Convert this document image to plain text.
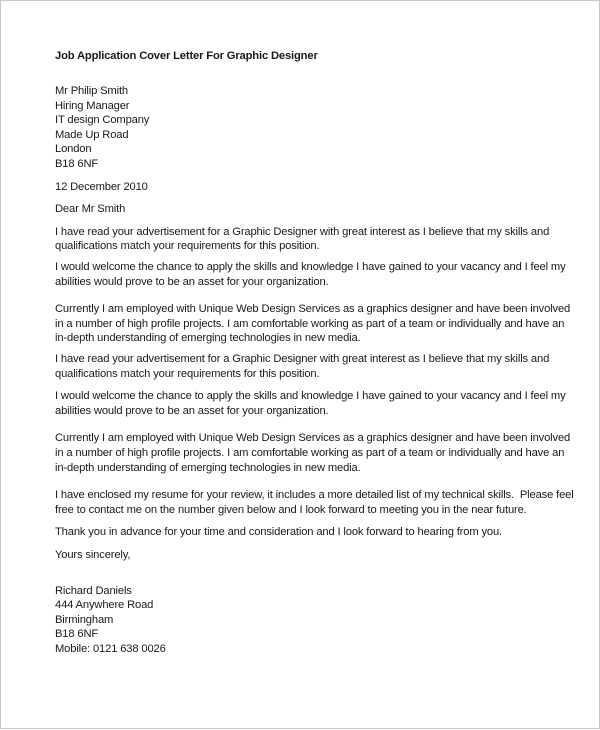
Job Application Cover Letter For Graphic Designer

Mr Philip Smith
Hiring Manager
IT design Company
Made Up Road
London
B18 6NF
12 December 2010
Dear Mr Smith
I have read your advertisement for a Graphic Designer with great interest as I believe that my skills and
qualifications match your requirements for this position.
I would welcome the chance to apply the skills and knowledge I have gained to your vacancy and I feel my
abilities would prove to be an asset for your organization.
Currently I am employed with Unique Web Design Services as a graphics designer and have been involved
in a number of high profile projects. I am comfortable working as part of a team or individually and have an
in-depth understanding of emerging technologies in new media.
I have read your advertisement for a Graphic Designer with great interest as I believe that my skills and
qualifications match your requirements for this position.
I would welcome the chance to apply the skills and knowledge I have gained to your vacancy and I feel my
abilities would prove to be an asset for your organization.
Currently I am employed with Unique Web Design Services as a graphics designer and have been involved
in a number of high profile projects. I am comfortable working as part of a team or individually and have an
in-depth understanding of emerging technologies in new media.
I have enclosed my resume for your review, it includes a more detailed list of my technical skills.  Please feel
free to contact me on the number given below and I look forward to meeting you in the near future.
Thank you in advance for your time and consideration and I look forward to hearing from you.
Yours sincerely,
Richard Daniels
444 Anywhere Road
Birmingham
B18 6NF
Mobile: 0121 638 0026
